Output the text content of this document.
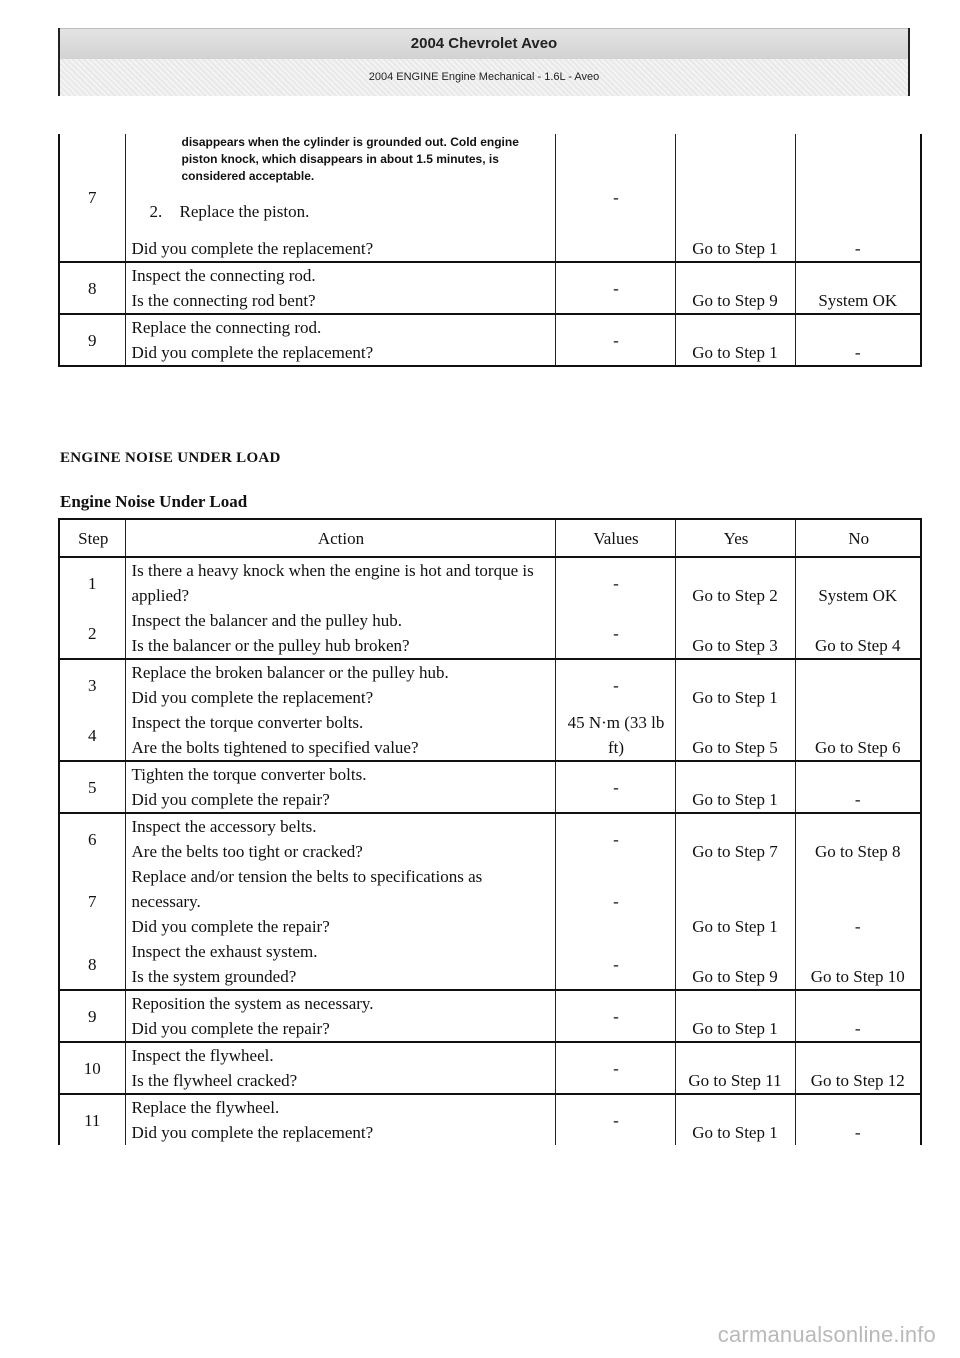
2004 Chevrolet Aveo
2004 ENGINE Engine Mechanical - 1.6L - Aveo
7	disappears when the cylinder is grounded out. Cold engine piston knock, which disappears in about 1.5 minutes, is considered acceptable.
2. Replace the piston.
Did you complete the replacement?	-	Go to Step 1	-
8	Inspect the connecting rod.
Is the connecting rod bent?	-	Go to Step 9	System OK
9	Replace the connecting rod.
Did you complete the replacement?	-	Go to Step 1	-
ENGINE NOISE UNDER LOAD
Engine Noise Under Load
Step	Action	Values	Yes	No
1	Is there a heavy knock when the engine is hot and torque is applied?	-	Go to Step 2	System OK
2	Inspect the balancer and the pulley hub.
Is the balancer or the pulley hub broken?	-	Go to Step 3	Go to Step 4
3	Replace the broken balancer or the pulley hub.
Did you complete the replacement?	-	Go to Step 1	
4	Inspect the torque converter bolts.
Are the bolts tightened to specified value?	45 N·m (33 lb ft)	Go to Step 5	Go to Step 6
5	Tighten the torque converter bolts.
Did you complete the repair?	-	Go to Step 1	-
6	Inspect the accessory belts.
Are the belts too tight or cracked?	-	Go to Step 7	Go to Step 8
7	Replace and/or tension the belts to specifications as necessary.
Did you complete the repair?	-	Go to Step 1	-
8	Inspect the exhaust system.
Is the system grounded?	-	Go to Step 9	Go to Step 10
9	Reposition the system as necessary.
Did you complete the repair?	-	Go to Step 1	-
10	Inspect the flywheel.
Is the flywheel cracked?	-	Go to Step 11	Go to Step 12
11	Replace the flywheel.
Did you complete the replacement?	-	Go to Step 1	-
carmanualsonline.info
